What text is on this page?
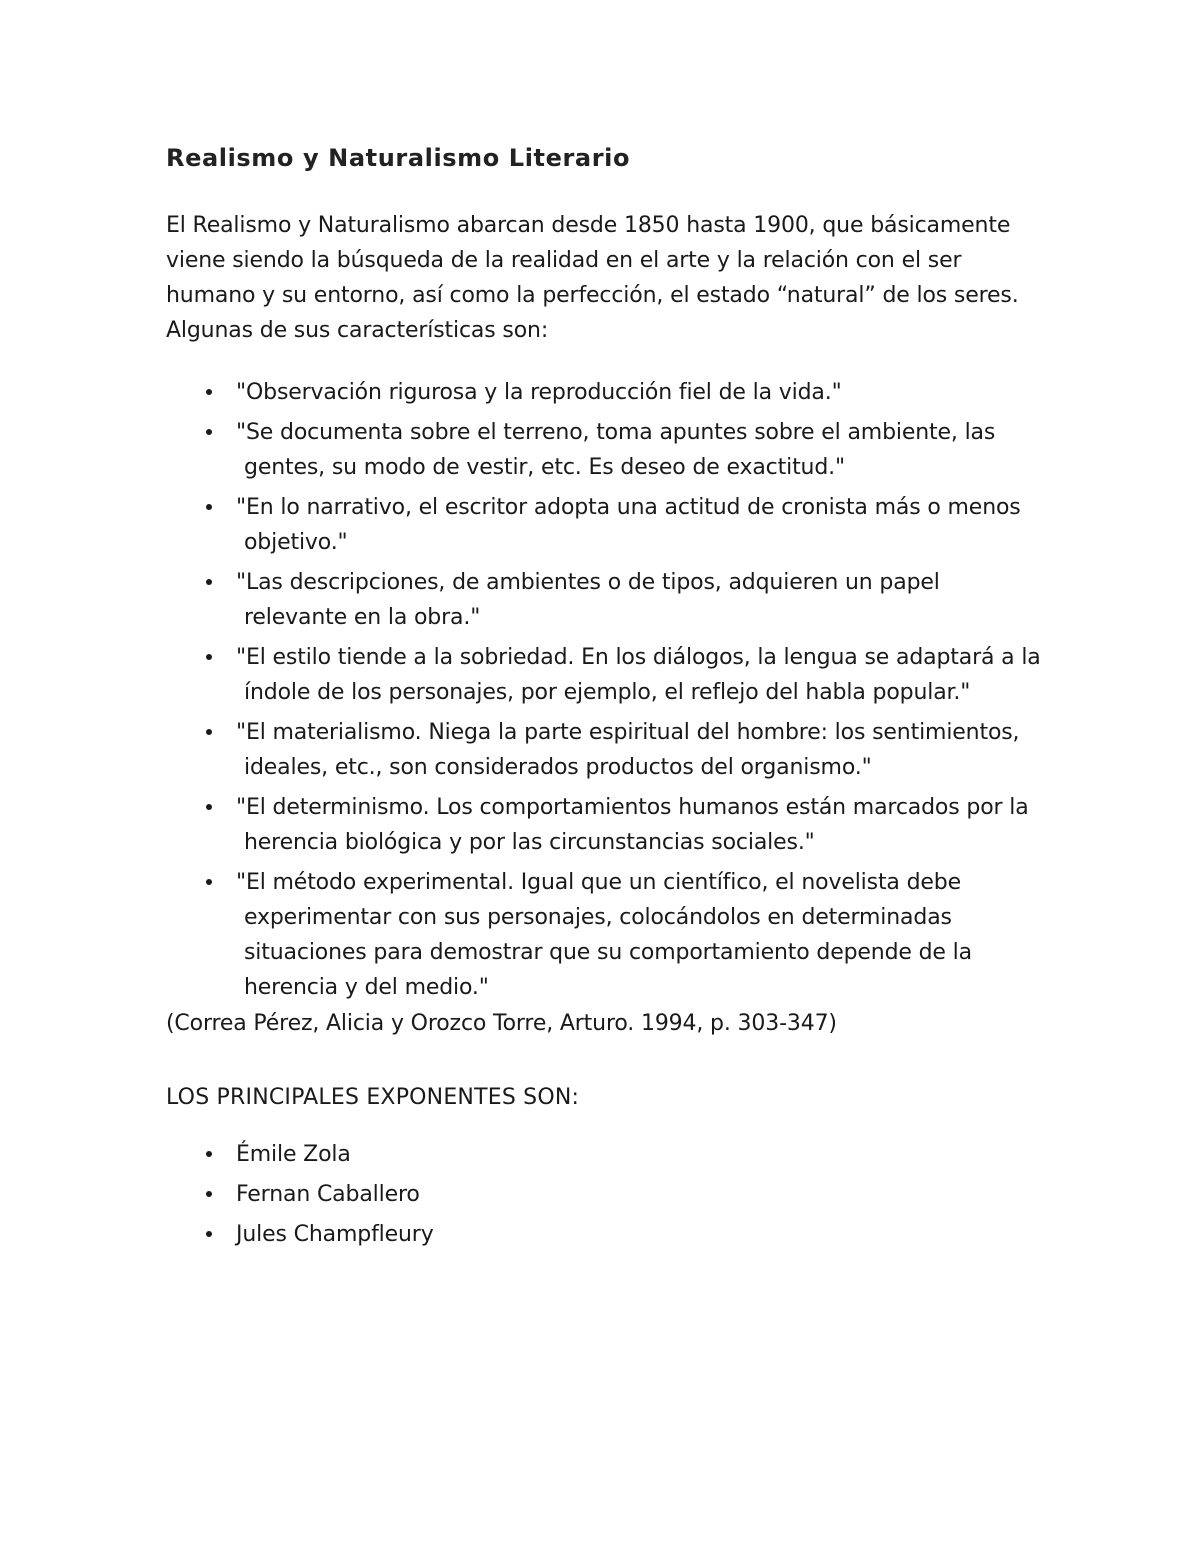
Realismo y Naturalismo Literario

El Realismo y Naturalismo abarcan desde 1850 hasta 1900, que básicamente viene siendo la búsqueda de la realidad en el arte y la relación con el ser humano y su entorno, así como la perfección, el estado “natural” de los seres. Algunas de sus características son:

"Observación rigurosa y la reproducción fiel de la vida."
"Se documenta sobre el terreno, toma apuntes sobre el ambiente, las gentes, su modo de vestir, etc. Es deseo de exactitud."
"En lo narrativo, el escritor adopta una actitud de cronista más o menos objetivo."
"Las descripciones, de ambientes o de tipos, adquieren un papel relevante en la obra."
"El estilo tiende a la sobriedad. En los diálogos, la lengua se adaptará a la índole de los personajes, por ejemplo, el reflejo del habla popular."
"El materialismo. Niega la parte espiritual del hombre: los sentimientos, ideales, etc., son considerados productos del organismo."
"El determinismo. Los comportamientos humanos están marcados por la herencia biológica y por las circunstancias sociales."
"El método experimental. Igual que un científico, el novelista debe experimentar con sus personajes, colocándolos en determinadas situaciones para demostrar que su comportamiento depende de la herencia y del medio."

(Correa Pérez, Alicia y Orozco Torre, Arturo. 1994, p. 303-347)

LOS PRINCIPALES EXPONENTES SON:

Émile Zola
Fernan Caballero
Jules Champfleury
